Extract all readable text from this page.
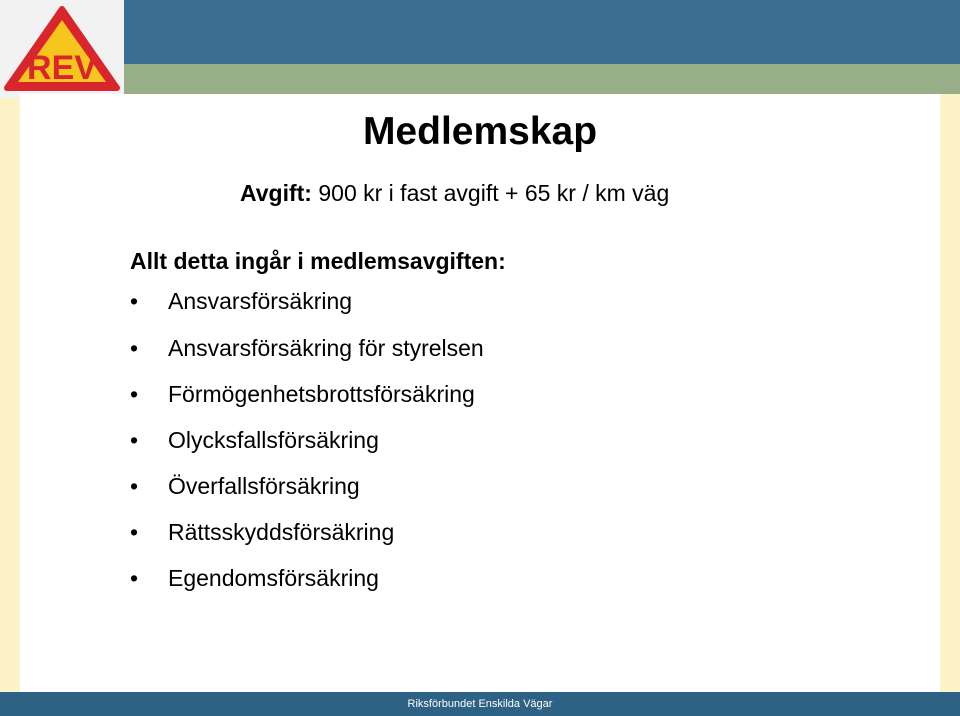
REV
Medlemskap
Avgift: 900 kr i fast avgift + 65 kr / km väg
Allt detta ingår i medlemsavgiften:
• Ansvarsförsäkring
• Ansvarsförsäkring för styrelsen
• Förmögenhetsbrottsförsäkring
• Olycksfallsförsäkring
• Överfallsförsäkring
• Rättsskyddsförsäkring
• Egendomsförsäkring
Riksförbundet Enskilda Vägar
